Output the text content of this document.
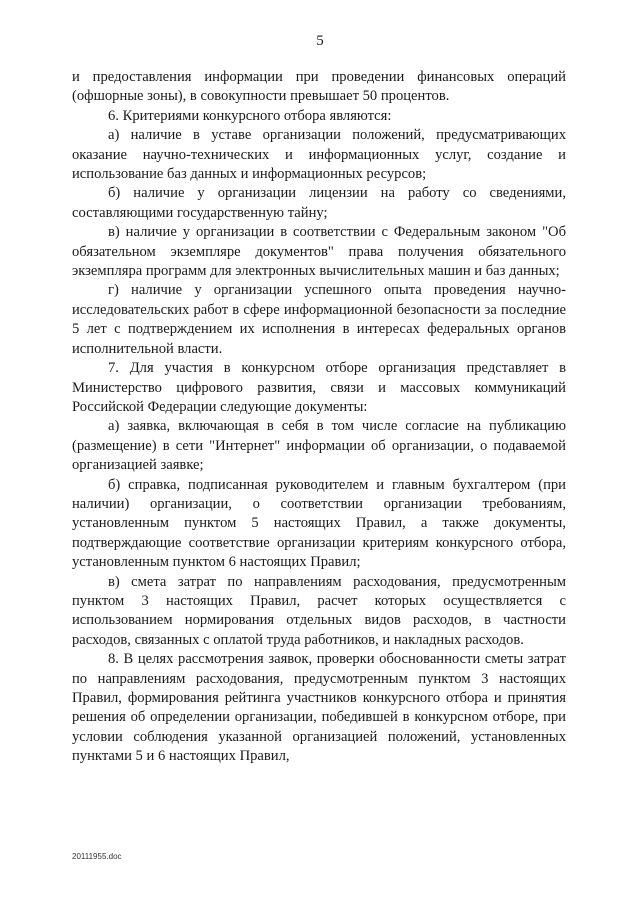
5

и предоставления информации при проведении финансовых операций (офшорные зоны), в совокупности превышает 50 процентов.

6. Критериями конкурсного отбора являются:

а) наличие в уставе организации положений, предусматривающих оказание научно-технических и информационных услуг, создание и использование баз данных и информационных ресурсов;

б) наличие у организации лицензии на работу со сведениями, составляющими государственную тайну;

в) наличие у организации в соответствии с Федеральным законом "Об обязательном экземпляре документов" права получения обязательного экземпляра программ для электронных вычислительных машин и баз данных;

г) наличие у организации успешного опыта проведения научно-исследовательских работ в сфере информационной безопасности за последние 5 лет с подтверждением их исполнения в интересах федеральных органов исполнительной власти.

7. Для участия в конкурсном отборе организация представляет в Министерство цифрового развития, связи и массовых коммуникаций Российской Федерации следующие документы:

а) заявка, включающая в себя в том числе согласие на публикацию (размещение) в сети "Интернет" информации об организации, о подаваемой организацией заявке;

б) справка, подписанная руководителем и главным бухгалтером (при наличии) организации, о соответствии организации требованиям, установленным пунктом 5 настоящих Правил, а также документы, подтверждающие соответствие организации критериям конкурсного отбора, установленным пунктом 6 настоящих Правил;

в) смета затрат по направлениям расходования, предусмотренным пунктом 3 настоящих Правил, расчет которых осуществляется с использованием нормирования отдельных видов расходов, в частности расходов, связанных с оплатой труда работников, и накладных расходов.

8. В целях рассмотрения заявок, проверки обоснованности сметы затрат по направлениям расходования, предусмотренным пунктом 3 настоящих Правил, формирования рейтинга участников конкурсного отбора и принятия решения об определении организации, победившей в конкурсном отборе, при условии соблюдения указанной организацией положений, установленных пунктами 5 и 6 настоящих Правил,

20111955.doc
